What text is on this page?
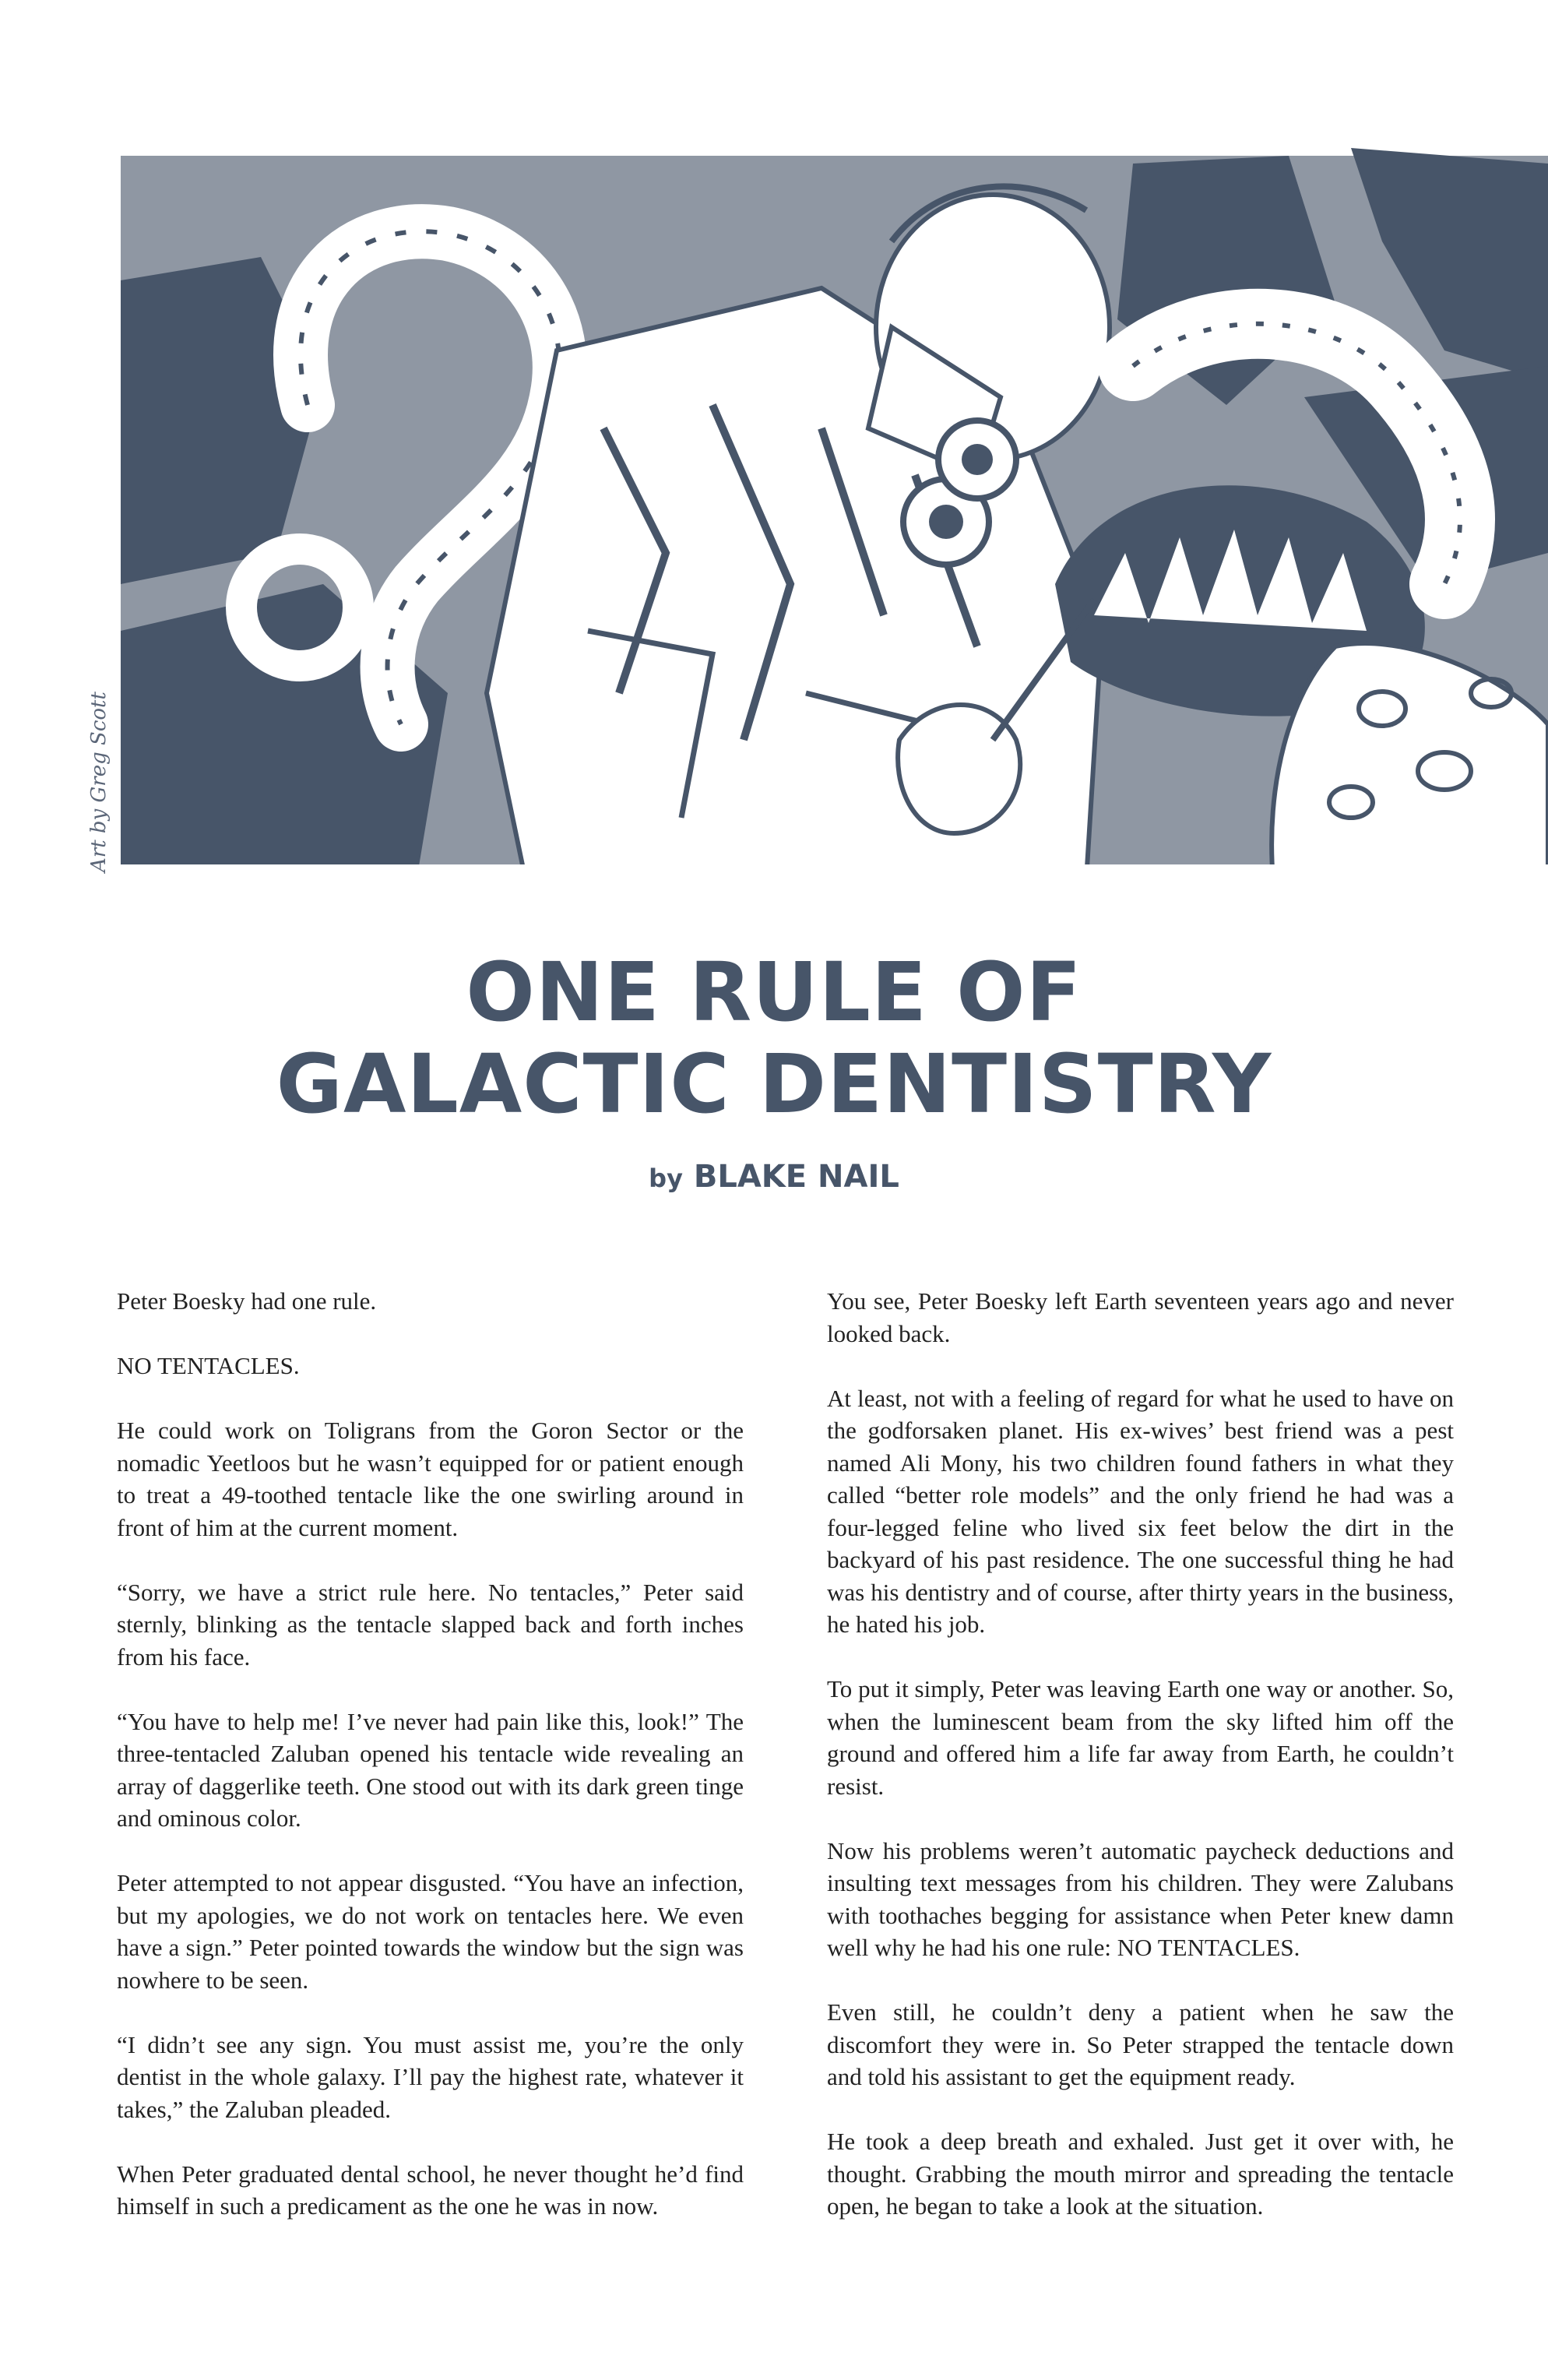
Art by Greg Scott
ONE RULE OF
GALACTIC DENTISTRY
by BLAKE NAIL

Peter Boesky had one rule.

NO TENTACLES.

He could work on Toligrans from the Goron Sector or the nomadic Yeetloos but he wasn’t equipped for or patient enough to treat a 49-toothed tentacle like the one swirling around in front of him at the current moment.

“Sorry, we have a strict rule here. No tentacles,” Peter said sternly, blinking as the tentacle slapped back and forth inches from his face.

“You have to help me! I’ve never had pain like this, look!” The three-tentacled Zaluban opened his tentacle wide revealing an array of daggerlike teeth. One stood out with its dark green tinge and ominous color.

Peter attempted to not appear disgusted. “You have an infection, but my apologies, we do not work on tentacles here. We even have a sign.” Peter pointed towards the window but the sign was nowhere to be seen.

“I didn’t see any sign. You must assist me, you’re the only dentist in the whole galaxy. I’ll pay the highest rate, whatever it takes,” the Zaluban pleaded.

When Peter graduated dental school, he never thought he’d find himself in such a predicament as the one he was in now.

You see, Peter Boesky left Earth seventeen years ago and never looked back.

At least, not with a feeling of regard for what he used to have on the godforsaken planet. His ex-wives’ best friend was a pest named Ali Mony, his two children found fathers in what they called “better role models” and the only friend he had was a four-legged feline who lived six feet below the dirt in the backyard of his past residence. The one successful thing he had was his dentistry and of course, after thirty years in the business, he hated his job.

To put it simply, Peter was leaving Earth one way or another. So, when the luminescent beam from the sky lifted him off the ground and offered him a life far away from Earth, he couldn’t resist.

Now his problems weren’t automatic paycheck deductions and insulting text messages from his children. They were Zalubans with toothaches begging for assistance when Peter knew damn well why he had his one rule: NO TENTACLES.

Even still, he couldn’t deny a patient when he saw the discomfort they were in. So Peter strapped the tentacle down and told his assistant to get the equipment ready.

He took a deep breath and exhaled. Just get it over with, he thought. Grabbing the mouth mirror and spreading the tentacle open, he began to take a look at the situation.
